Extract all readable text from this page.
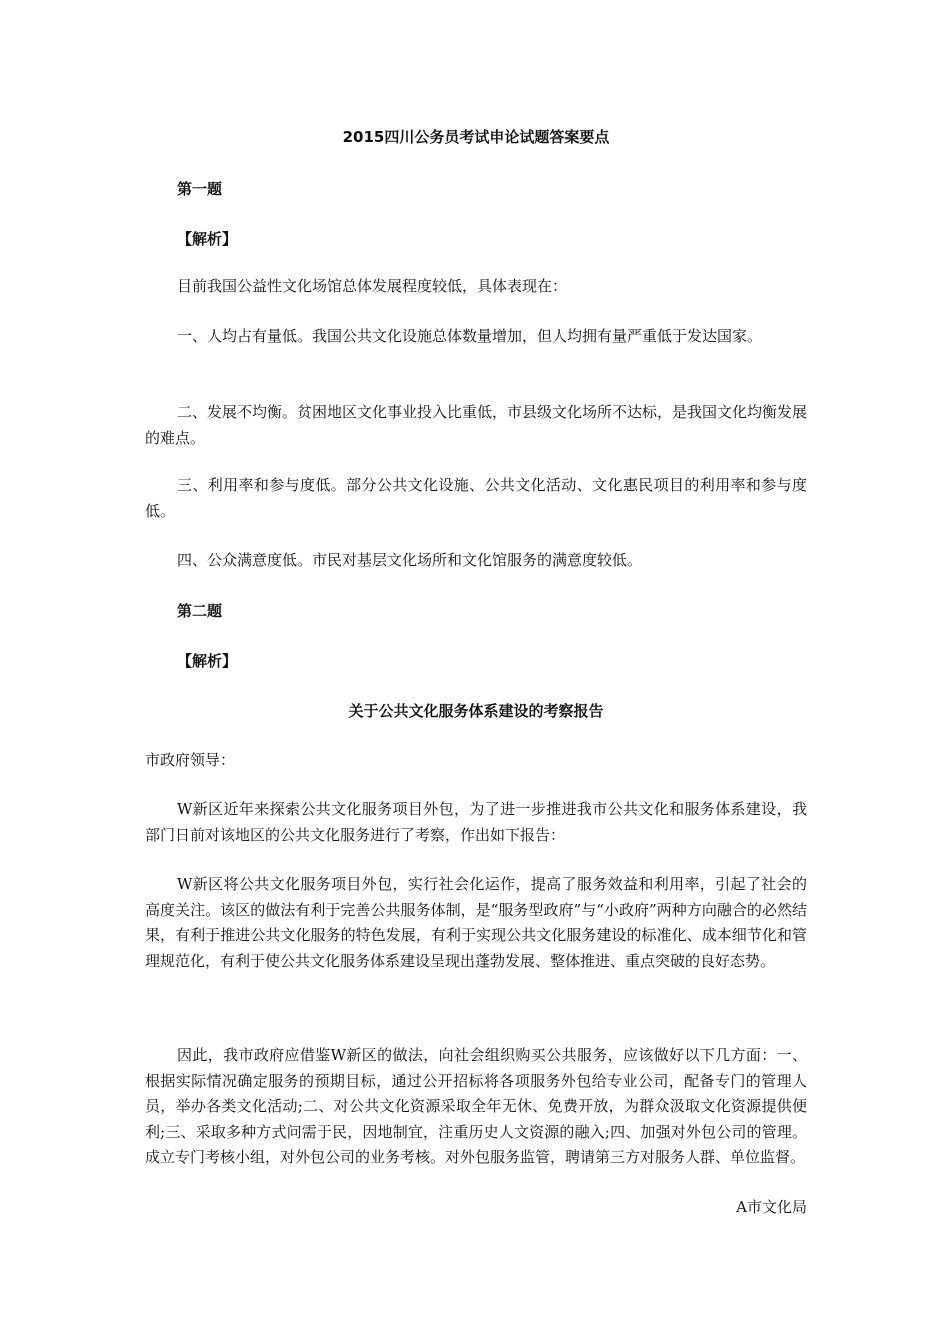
2015四川公务员考试申论试题答案要点
第一题
【解析】
目前我国公益性文化场馆总体发展程度较低，具体表现在：
一、人均占有量低。我国公共文化设施总体数量增加，但人均拥有量严重低于发达国家。
二、发展不均衡。贫困地区文化事业投入比重低，市县级文化场所不达标，是我国文化均衡发展的难点。
三、利用率和参与度低。部分公共文化设施、公共文化活动、文化惠民项目的利用率和参与度低。
四、公众满意度低。市民对基层文化场所和文化馆服务的满意度较低。
第二题
【解析】
关于公共文化服务体系建设的考察报告
市政府领导：
W新区近年来探索公共文化服务项目外包，为了进一步推进我市公共文化和服务体系建设，我部门日前对该地区的公共文化服务进行了考察，作出如下报告：
W新区将公共文化服务项目外包，实行社会化运作，提高了服务效益和利用率，引起了社会的高度关注。该区的做法有利于完善公共服务体制，是“服务型政府”与“小政府”两种方向融合的必然结果，有利于推进公共文化服务的特色发展，有利于实现公共文化服务建设的标准化、成本细节化和管理规范化，有利于使公共文化服务体系建设呈现出蓬勃发展、整体推进、重点突破的良好态势。
因此，我市政府应借鉴W新区的做法，向社会组织购买公共服务，应该做好以下几方面：一、根据实际情况确定服务的预期目标，通过公开招标将各项服务外包给专业公司，配备专门的管理人员，举办各类文化活动;二、对公共文化资源采取全年无休、免费开放，为群众汲取文化资源提供便利;三、采取多种方式问需于民，因地制宜，注重历史人文资源的融入;四、加强对外包公司的管理。成立专门考核小组，对外包公司的业务考核。对外包服务监管，聘请第三方对服务人群、单位监督。
A市文化局
